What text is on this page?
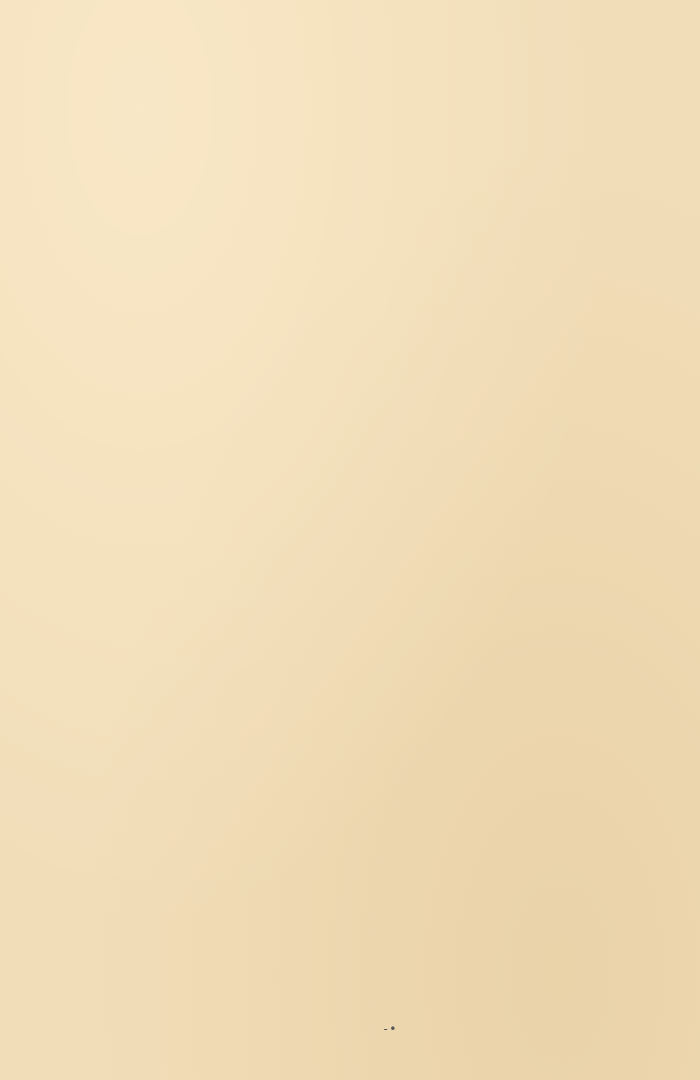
-•
